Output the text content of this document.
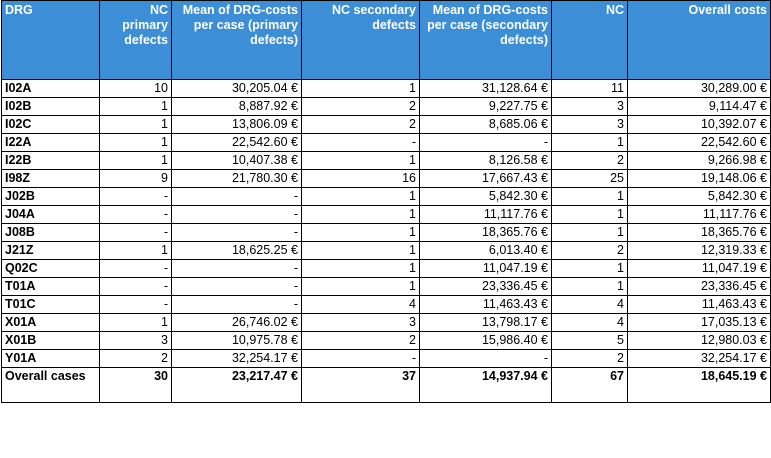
DRG	NC primary defects	Mean of DRG-costs per case (primary defects)	NC secondary defects	Mean of DRG-costs per case (secondary defects)	NC	Overall costs
I02A	10	30,205.04 €	1	31,128.64 €	11	30,289.00 €
I02B	1	8,887.92 €	2	9,227.75 €	3	9,114.47 €
I02C	1	13,806.09 €	2	8,685.06 €	3	10,392.07 €
I22A	1	22,542.60 €	-	-	1	22,542.60 €
I22B	1	10,407.38 €	1	8,126.58 €	2	9,266.98 €
I98Z	9	21,780.30 €	16	17,667.43 €	25	19,148.06 €
J02B	-	-	1	5,842.30 €	1	5,842.30 €
J04A	-	-	1	11,117.76 €	1	11,117.76 €
J08B	-	-	1	18,365.76 €	1	18,365.76 €
J21Z	1	18,625.25 €	1	6,013.40 €	2	12,319.33 €
Q02C	-	-	1	11,047.19 €	1	11,047.19 €
T01A	-	-	1	23,336.45 €	1	23,336.45 €
T01C	-	-	4	11,463.43 €	4	11,463.43 €
X01A	1	26,746.02 €	3	13,798.17 €	4	17,035.13 €
X01B	3	10,975.78 €	2	15,986.40 €	5	12,980.03 €
Y01A	2	32,254.17 €	-	-	2	32,254.17 €
Overall cases	30	23,217.47 €	37	14,937.94 €	67	18,645.19 €
